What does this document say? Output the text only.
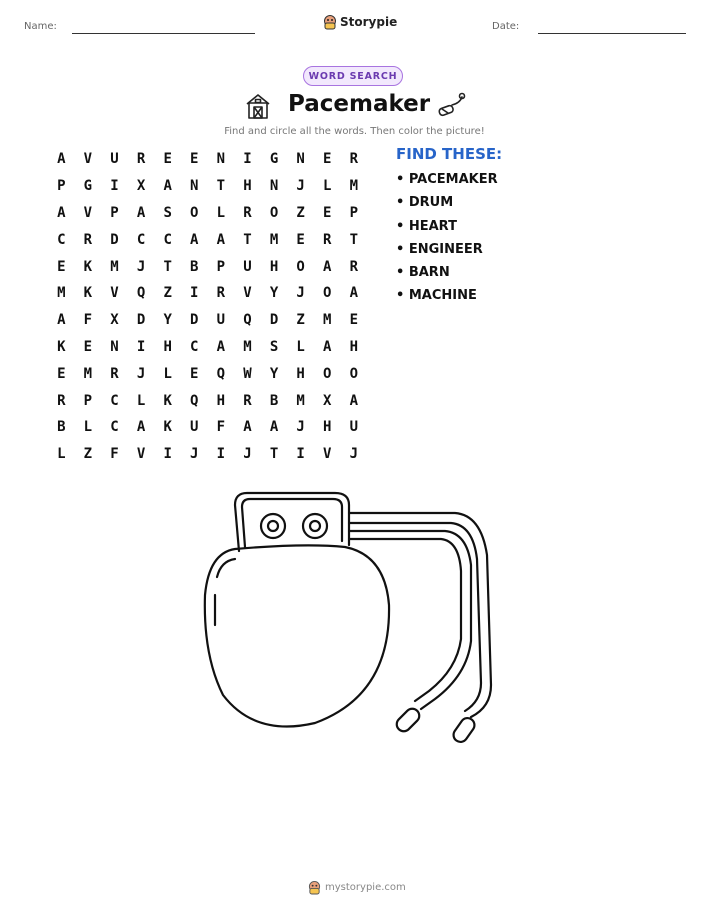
Name:	Storypie	Date:
WORD SEARCH
Pacemaker
Find and circle all the words. Then color the picture!
A	V	U	R	E	E	N	I	G	N	E	R
P	G	I	X	A	N	T	H	N	J	L	M
A	V	P	A	S	O	L	R	O	Z	E	P
C	R	D	C	C	A	A	T	M	E	R	T
E	K	M	J	T	B	P	U	H	O	A	R
M	K	V	Q	Z	I	R	V	Y	J	O	A
A	F	X	D	Y	D	U	Q	D	Z	M	E
K	E	N	I	H	C	A	M	S	L	A	H
E	M	R	J	L	E	Q	W	Y	H	O	O
R	P	C	L	K	Q	H	R	B	M	X	A
B	L	C	A	K	U	F	A	A	J	H	U
L	Z	F	V	I	J	I	J	T	I	V	J
FIND THESE:
• PACEMAKER
• DRUM
• HEART
• ENGINEER
• BARN
• MACHINE
mystorypie.com
